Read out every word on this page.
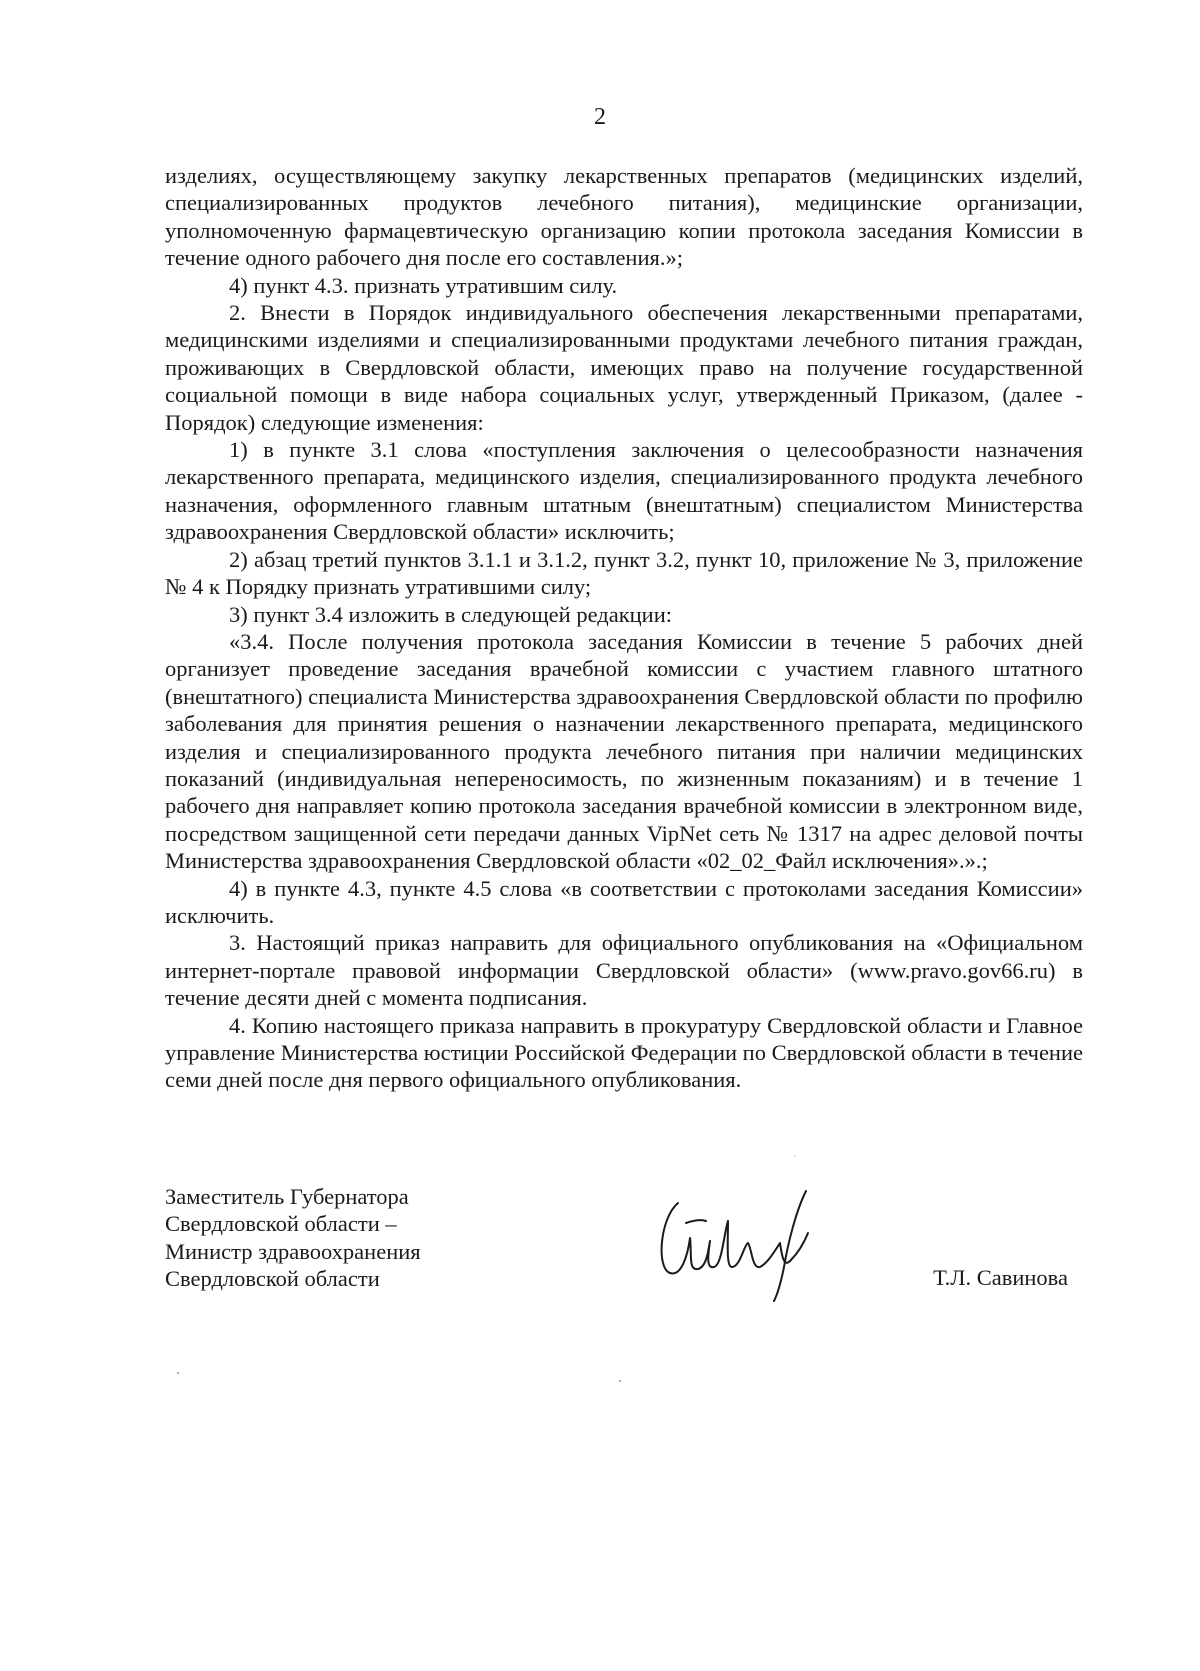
2

изделиях, осуществляющему закупку лекарственных препаратов (медицинских изделий, специализированных продуктов лечебного питания), медицинские организации, уполномоченную фармацевтическую организацию копии протокола заседания Комиссии в течение одного рабочего дня после его составления.»;

4) пункт 4.3. признать утратившим силу.

2. Внести в Порядок индивидуального обеспечения лекарственными препаратами, медицинскими изделиями и специализированными продуктами лечебного питания граждан, проживающих в Свердловской области, имеющих право на получение государственной социальной помощи в виде набора социальных услуг, утвержденный Приказом, (далее - Порядок) следующие изменения:

1) в пункте 3.1 слова «поступления заключения о целесообразности назначения лекарственного препарата, медицинского изделия, специализированного продукта лечебного назначения, оформленного главным штатным (внештатным) специалистом Министерства здравоохранения Свердловской области» исключить;

2) абзац третий пунктов 3.1.1 и 3.1.2, пункт 3.2, пункт 10, приложение № 3, приложение № 4 к Порядку признать утратившими силу;

3) пункт 3.4 изложить в следующей редакции:

«3.4. После получения протокола заседания Комиссии в течение 5 рабочих дней организует проведение заседания врачебной комиссии с участием главного штатного (внештатного) специалиста Министерства здравоохранения Свердловской области по профилю заболевания для принятия решения о назначении лекарственного препарата, медицинского изделия и специализированного продукта лечебного питания при наличии медицинских показаний (индивидуальная непереносимость, по жизненным показаниям) и в течение 1 рабочего дня направляет копию протокола заседания врачебной комиссии в электронном виде, посредством защищенной сети передачи данных VipNet сеть № 1317 на адрес деловой почты Министерства здравоохранения Свердловской области «02_02_Файл исключения».».;

4) в пункте 4.3, пункте 4.5 слова «в соответствии с протоколами заседания Комиссии» исключить.

3. Настоящий приказ направить для официального опубликования на «Официальном интернет-портале правовой информации Свердловской области» (www.pravo.gov66.ru) в течение десяти дней с момента подписания.

4. Копию настоящего приказа направить в прокуратуру Свердловской области и Главное управление Министерства юстиции Российской Федерации по Свердловской области в течение семи дней после дня первого официального опубликования.

Заместитель Губернатора
Свердловской области –
Министр здравоохранения
Свердловской области	Т.Л. Савинова
